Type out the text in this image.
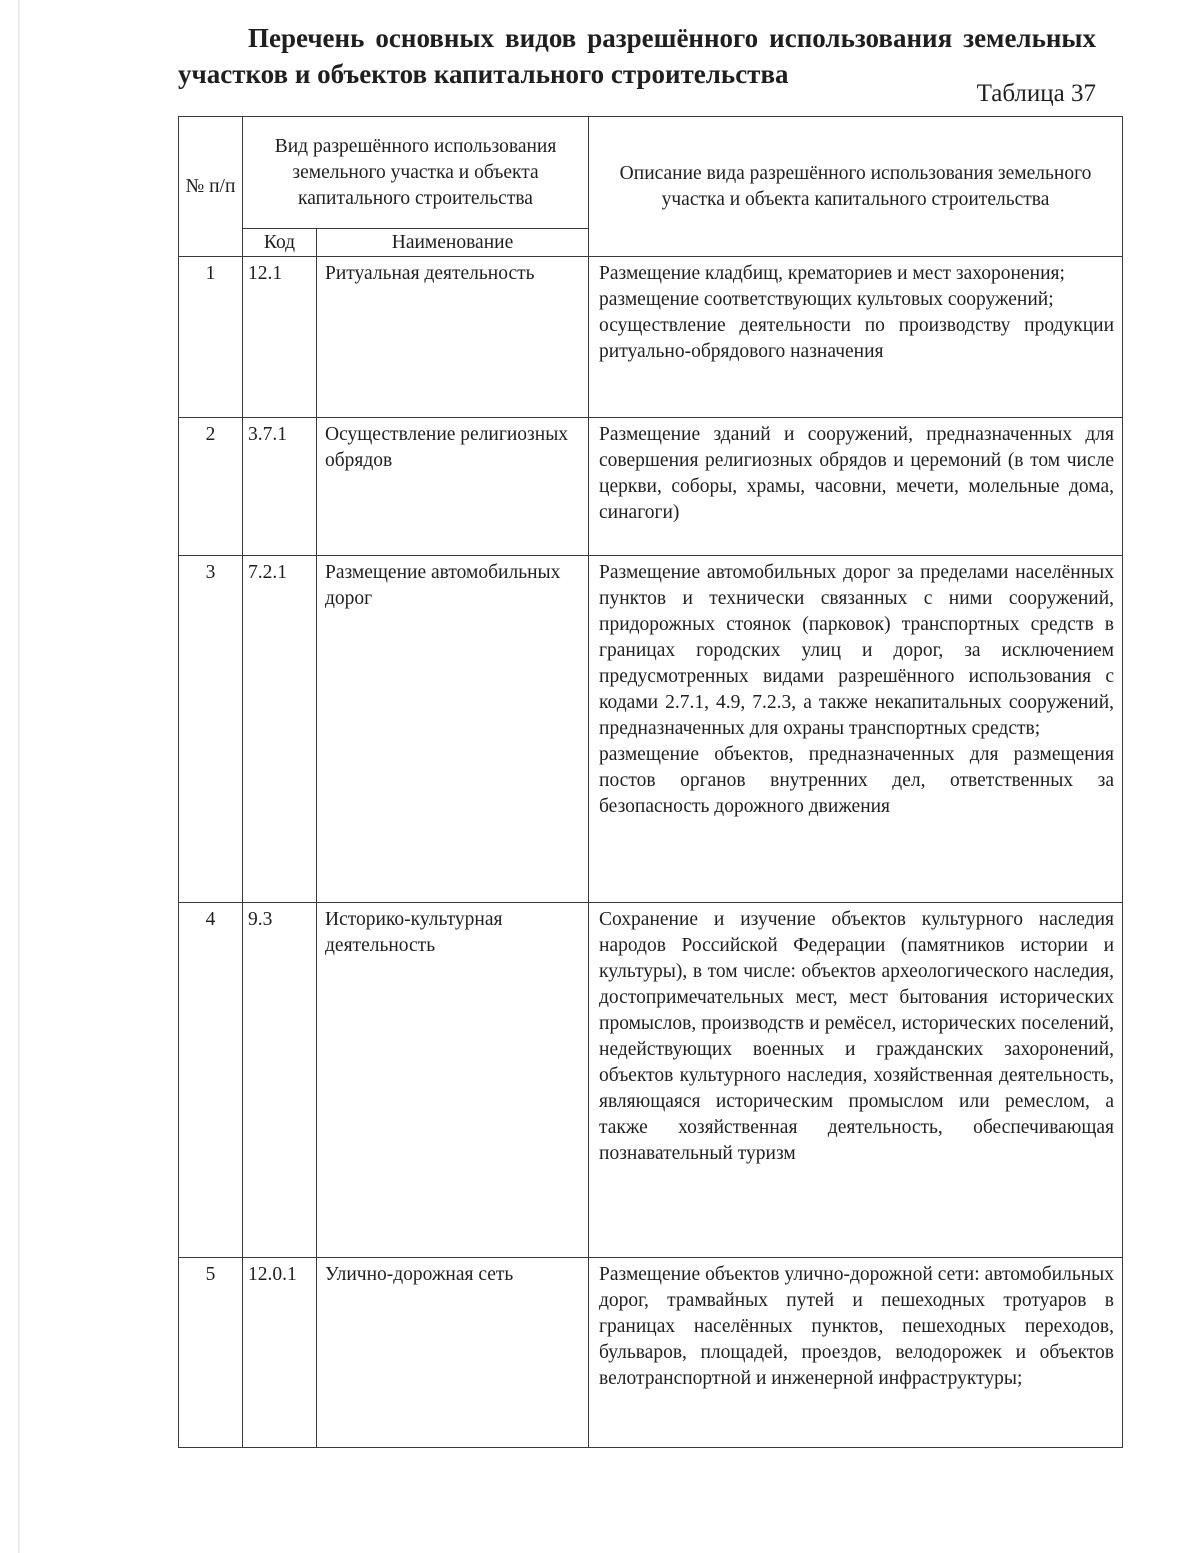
Перечень основных видов разрешённого использования земельных участков и объектов капитального строительства
Таблица 37
№ п/п	Вид разрешённого использования земельного участка и объекта капитального строительства		Описание вида разрешённого использования земельного участка и объекта капитального строительства
	Код	Наименование	
1	12.1	Ритуальная деятельность	Размещение кладбищ, крематориев и мест захоронения;

размещение соответствующих культовых сооружений;

осуществление деятельности по производству продукции ритуально-обрядового назначения

2	3.7.1	Осуществление религиозных обрядов	Размещение зданий и сооружений, предназначенных для совершения религиозных обрядов и церемоний (в том числе церкви, соборы, храмы, часовни, мечети, молельные дома, синагоги)

3	7.2.1	Размещение автомобильных дорог	Размещение автомобильных дорог за пределами населённых пунктов и технически связанных с ними сооружений, придорожных стоянок (парковок) транспортных средств в границах городских улиц и дорог, за исключением предусмотренных видами разрешённого использования с кодами 2.7.1, 4.9, 7.2.3, а также некапитальных сооружений, предназначенных для охраны транспортных средств;

размещение объектов, предназначенных для размещения постов органов внутренних дел, ответственных за безопасность дорожного движения

4	9.3	Историко-культурная деятельность	Сохранение и изучение объектов культурного наследия народов Российской Федерации (памятников истории и культуры), в том числе: объектов археологического наследия, достопримечательных мест, мест бытования исторических промыслов, производств и ремёсел, исторических поселений, недействующих военных и гражданских захоронений, объектов культурного наследия, хозяйственная деятельность, являющаяся историческим промыслом или ремеслом, а также хозяйственная деятельность, обеспечивающая познавательный туризм

5	12.0.1	Улично-дорожная сеть	Размещение объектов улично-дорожной сети: автомобильных дорог, трамвайных путей и пешеходных тротуаров в границах населённых пунктов, пешеходных переходов, бульваров, площадей, проездов, велодорожек и объектов велотранспортной и инженерной инфраструктуры;
